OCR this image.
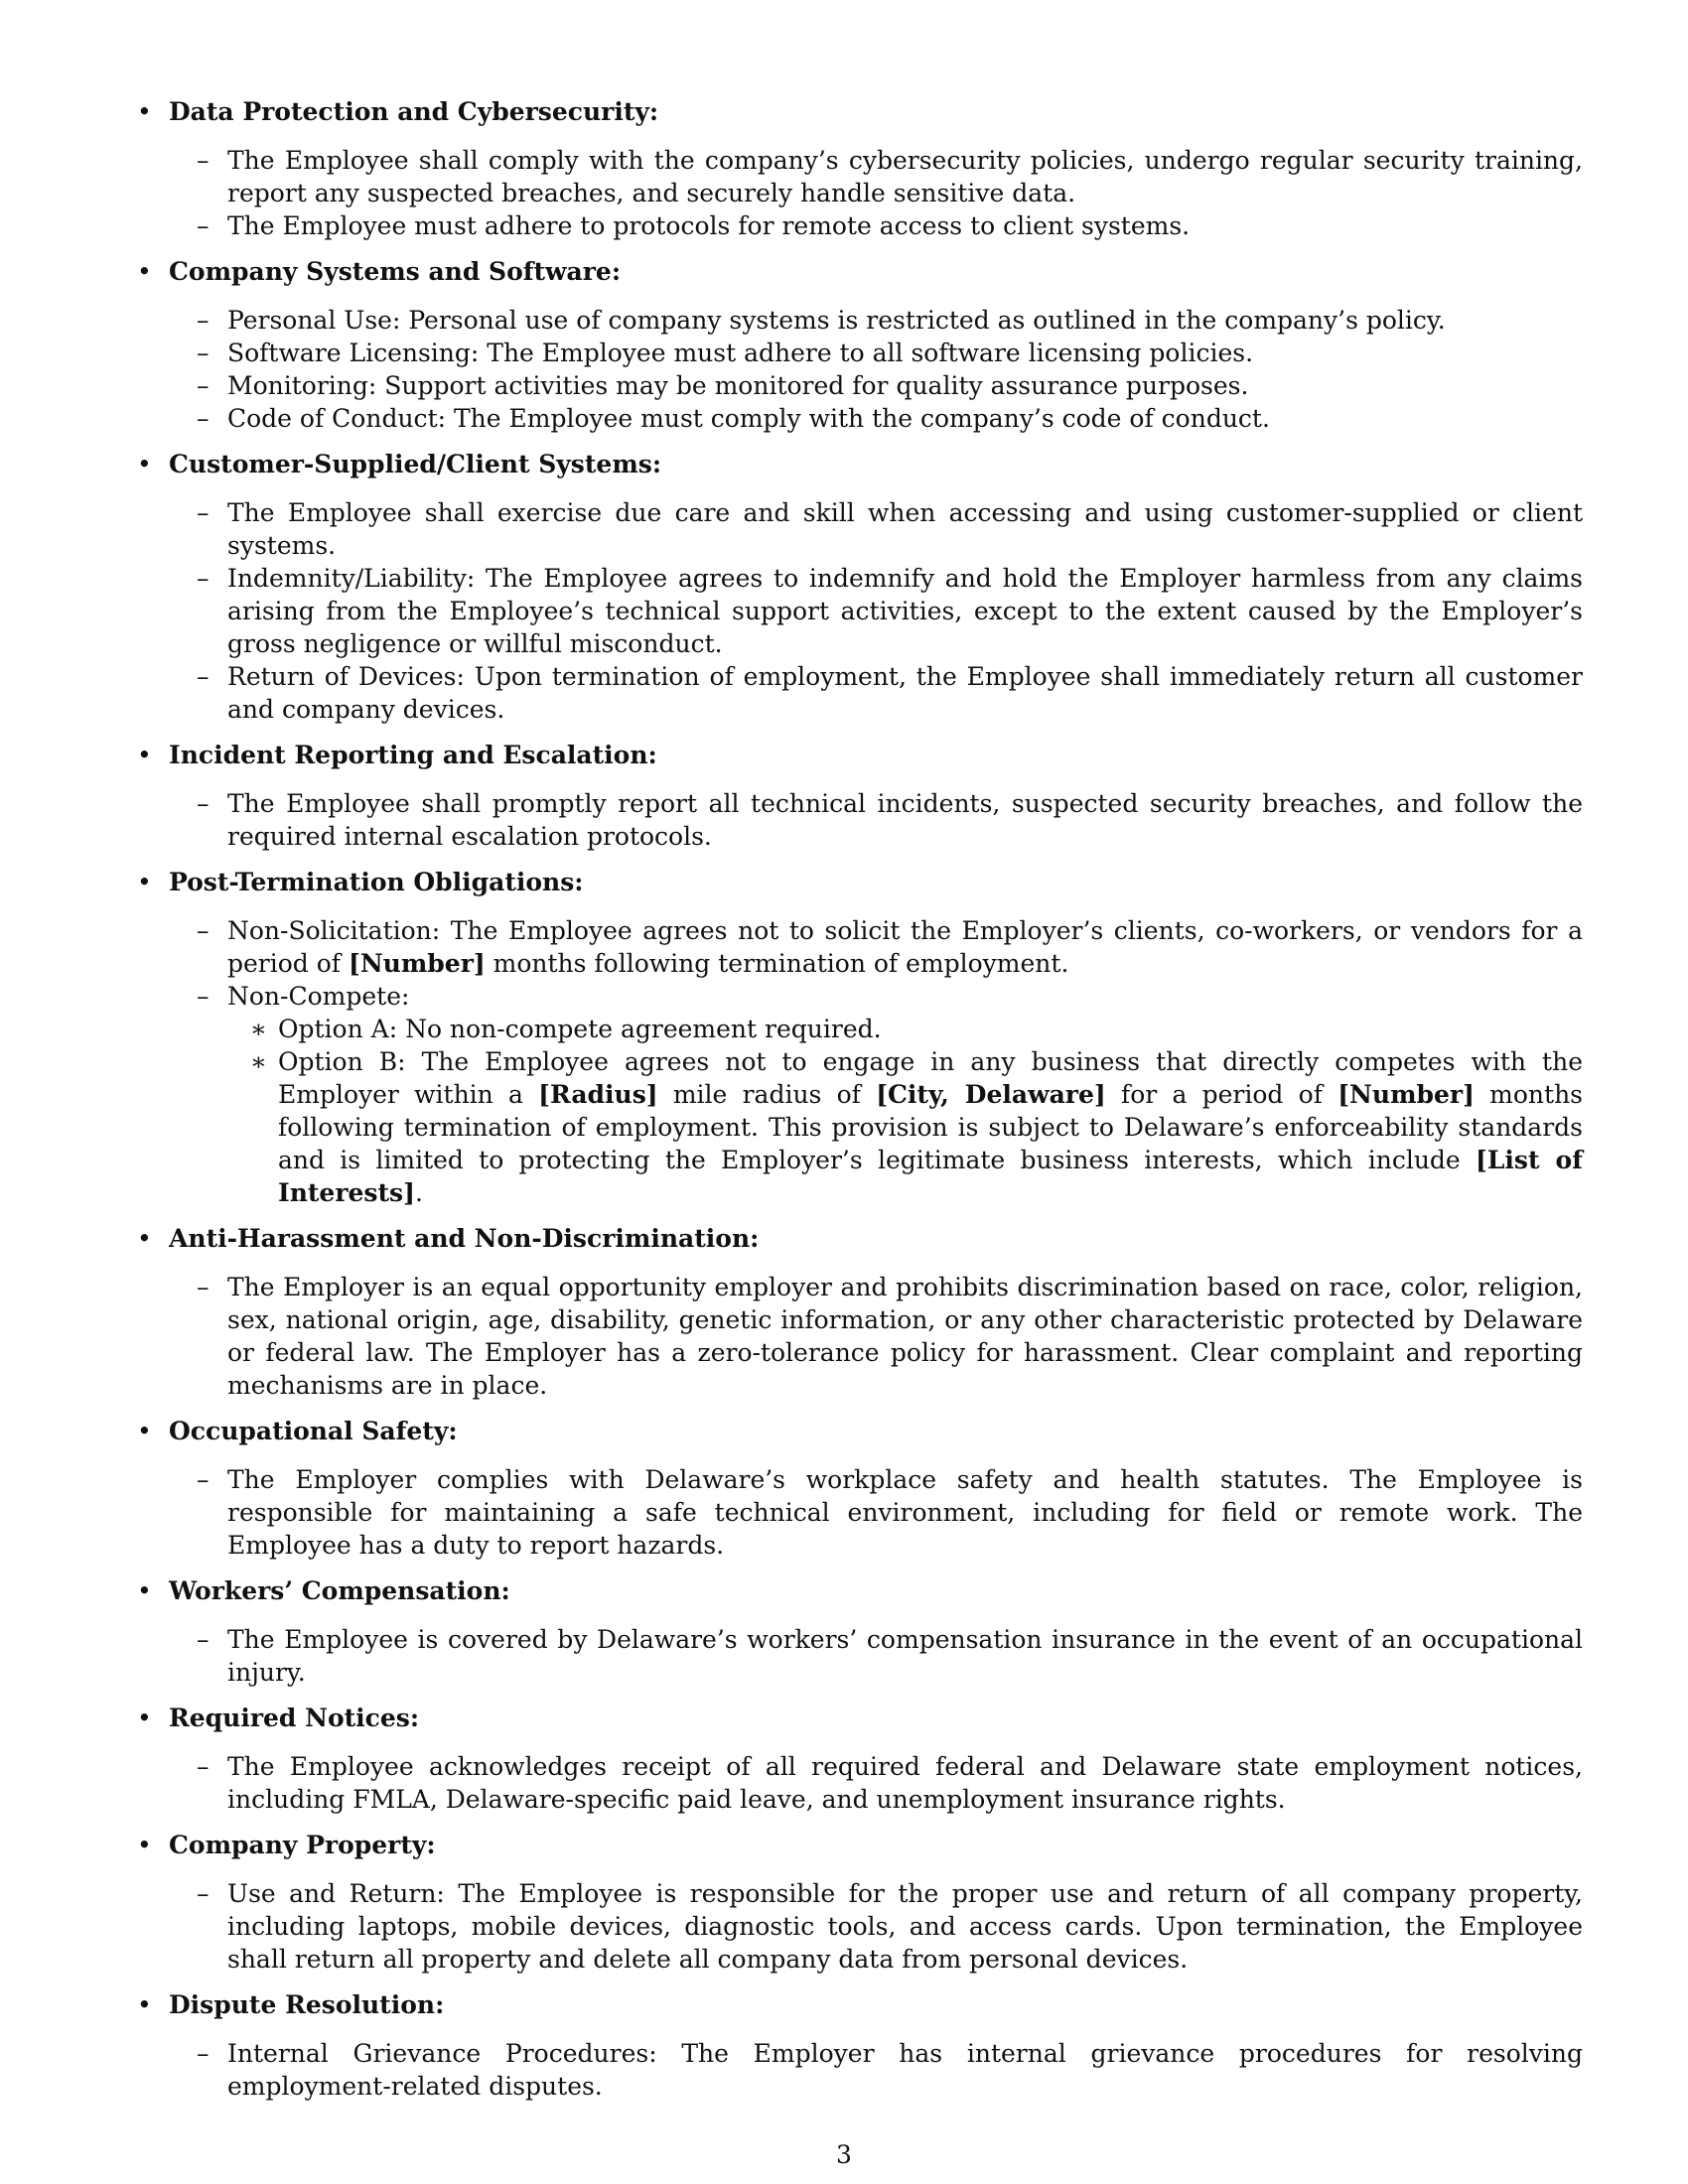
• Data Protection and Cybersecurity:
– The Employee shall comply with the company’s cybersecurity policies, undergo regular security training, report any suspected breaches, and securely handle sensitive data.
– The Employee must adhere to protocols for remote access to client systems.
• Company Systems and Software:
– Personal Use: Personal use of company systems is restricted as outlined in the company’s policy.
– Software Licensing: The Employee must adhere to all software licensing policies.
– Monitoring: Support activities may be monitored for quality assurance purposes.
– Code of Conduct: The Employee must comply with the company’s code of conduct.
• Customer-Supplied/Client Systems:
– The Employee shall exercise due care and skill when accessing and using customer-supplied or client systems.
– Indemnity/Liability: The Employee agrees to indemnify and hold the Employer harmless from any claims arising from the Employee’s technical support activities, except to the extent caused by the Employer’s gross negligence or willful misconduct.
– Return of Devices: Upon termination of employment, the Employee shall immediately return all customer and company devices.
• Incident Reporting and Escalation:
– The Employee shall promptly report all technical incidents, suspected security breaches, and follow the required internal escalation protocols.
• Post-Termination Obligations:
– Non-Solicitation: The Employee agrees not to solicit the Employer’s clients, co-workers, or vendors for a period of [Number] months following termination of employment.
– Non-Compete:
∗ Option A: No non-compete agreement required.
∗ Option B: The Employee agrees not to engage in any business that directly competes with the Employer within a [Radius] mile radius of [City, Delaware] for a period of [Number] months following termination of employment. This provision is subject to Delaware’s enforceability standards and is limited to protecting the Employer’s legitimate business interests, which include [List of Interests].
• Anti-Harassment and Non-Discrimination:
– The Employer is an equal opportunity employer and prohibits discrimination based on race, color, religion, sex, national origin, age, disability, genetic information, or any other characteristic protected by Delaware or federal law. The Employer has a zero-tolerance policy for harassment. Clear complaint and reporting mechanisms are in place.
• Occupational Safety:
– The Employer complies with Delaware’s workplace safety and health statutes. The Employee is responsible for maintaining a safe technical environment, including for field or remote work. The Employee has a duty to report hazards.
• Workers’ Compensation:
– The Employee is covered by Delaware’s workers’ compensation insurance in the event of an occupational injury.
• Required Notices:
– The Employee acknowledges receipt of all required federal and Delaware state employment notices, including FMLA, Delaware-specific paid leave, and unemployment insurance rights.
• Company Property:
– Use and Return: The Employee is responsible for the proper use and return of all company property, including laptops, mobile devices, diagnostic tools, and access cards. Upon termination, the Employee shall return all property and delete all company data from personal devices.
• Dispute Resolution:
– Internal Grievance Procedures: The Employer has internal grievance procedures for resolving employment-related disputes.
3
